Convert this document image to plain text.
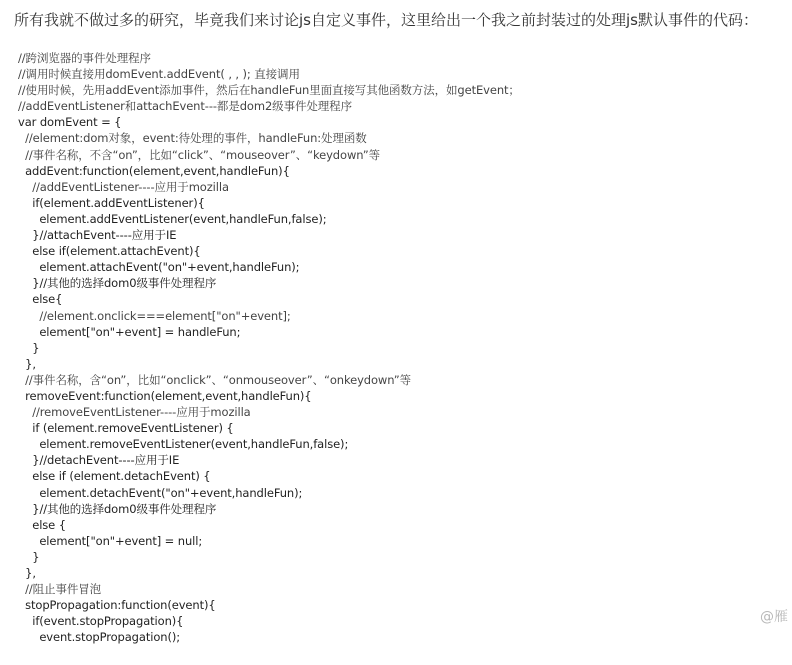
所有我就不做过多的研究，毕竟我们来讨论js自定义事件，这里给出一个我之前封装过的处理js默认事件的代码：
//跨浏览器的事件处理程序
//调用时候直接用domEvent.addEvent( , , ); 直接调用
//使用时候，先用addEvent添加事件，然后在handleFun里面直接写其他函数方法，如getEvent；
//addEventListener和attachEvent---都是dom2级事件处理程序
var domEvent = {
//element:dom对象，event:待处理的事件，handleFun:处理函数
//事件名称，不含“on”，比如“click”、“mouseover”、“keydown”等
addEvent:function(element,event,handleFun){
//addEventListener----应用于mozilla
if(element.addEventListener){
element.addEventListener(event,handleFun,false);
}//attachEvent----应用于IE
else if(element.attachEvent){
element.attachEvent("on"+event,handleFun);
}//其他的选择dom0级事件处理程序
else{
//element.onclick===element["on"+event];
element["on"+event] = handleFun;
}
},
//事件名称，含“on”，比如“onclick”、“onmouseover”、“onkeydown”等
removeEvent:function(element,event,handleFun){
//removeEventListener----应用于mozilla
if (element.removeEventListener) {
element.removeEventListener(event,handleFun,false);
}//detachEvent----应用于IE
else if (element.detachEvent) {
element.detachEvent("on"+event,handleFun);
}//其他的选择dom0级事件处理程序
else {
element["on"+event] = null;
}
},
//阻止事件冒泡
stopPropagation:function(event){
if(event.stopPropagation){
event.stopPropagation();
@雁
